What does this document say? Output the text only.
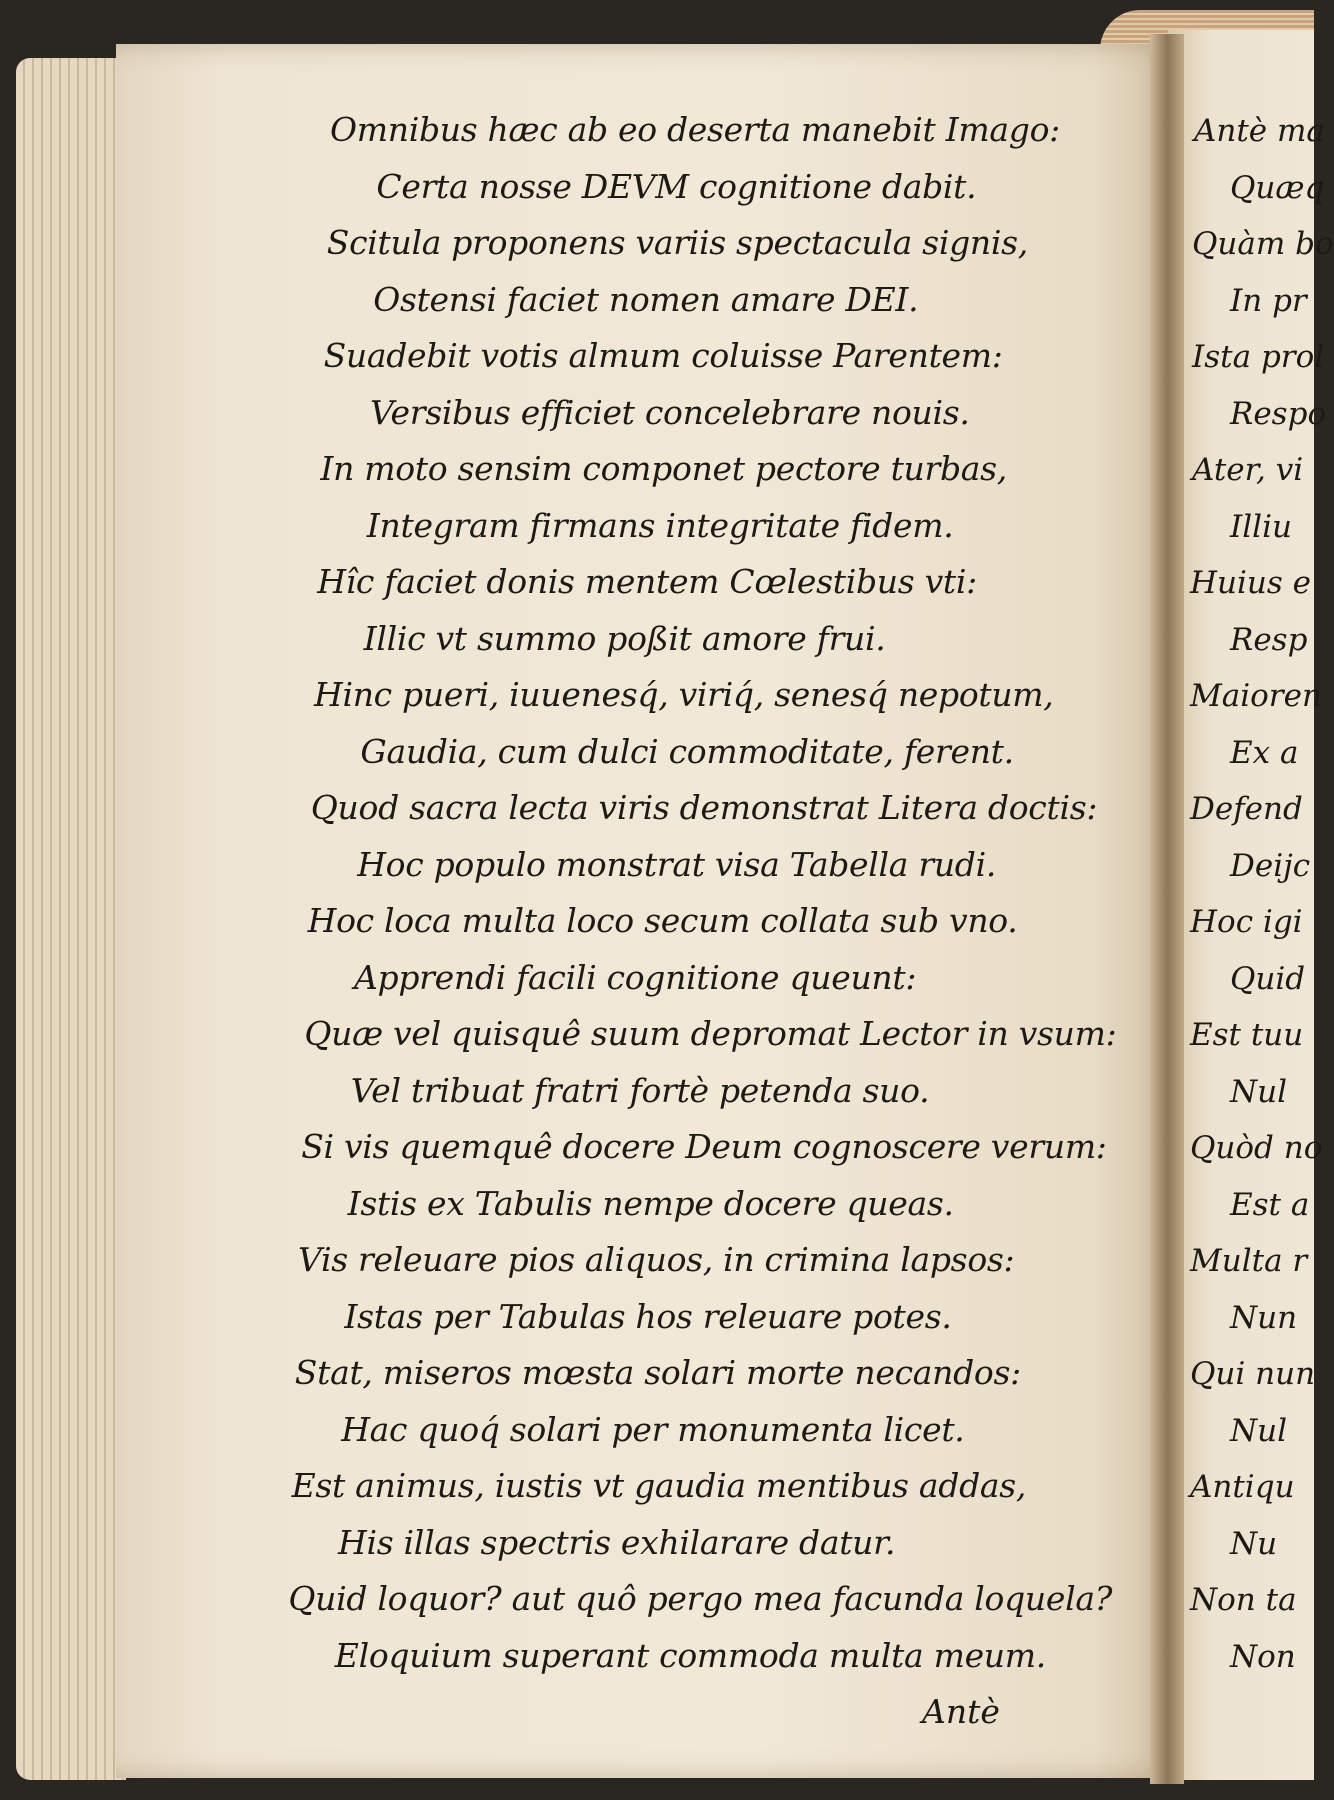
Omnibus hæc ab eo deserta manebit Imago:

Certa nosse DEVM cognitione dabit.

Scitula proponens variis spectacula signis,

Ostensi faciet nomen amare DEI.

Suadebit votis almum coluisse Parentem:

Versibus efficiet concelebrare nouis.

In moto sensim componet pectore turbas,

Integram firmans integritate fidem.

Hîc faciet donis mentem Cœlestibus vti:

Illic vt summo poßit amore frui.

Hinc pueri, iuuenesq́, viriq́, senesq́ nepotum,

Gaudia, cum dulci commoditate, ferent.

Quod sacra lecta viris demonstrat Litera doctis:

Hoc populo monstrat visa Tabella rudi.

Hoc loca multa loco secum collata sub vno.

Apprendi facili cognitione queunt:

Quæ vel quisquê suum depromat Lector in vsum:

Vel tribuat fratri fortè petenda suo.

Si vis quemquê docere Deum cognoscere verum:

Istis ex Tabulis nempe docere queas.

Vis releuare pios aliquos, in crimina lapsos:

Istas per Tabulas hos releuare potes.

Stat, miseros mœsta solari morte necandos:

Hac quoq́ solari per monumenta licet.

Est animus, iustis vt gaudia mentibus addas,

His illas spectris exhilarare datur.

Quid loquor? aut quô pergo mea facunda loquela?

Eloquium superant commoda multa meum.

Antè

Antè ma

Quæq

Quàm bo

In pr

Ista prol

Respo

Ater, vi

Illiu

Huius e

Resp

Maioren

Ex a

Defend

Deijc

Hoc igi

Quid

Est tuu

Nul

Quòd no

Est a

Multa r

Nun

Qui nun

Nul

Antiqu

Nu

Non ta

Non
